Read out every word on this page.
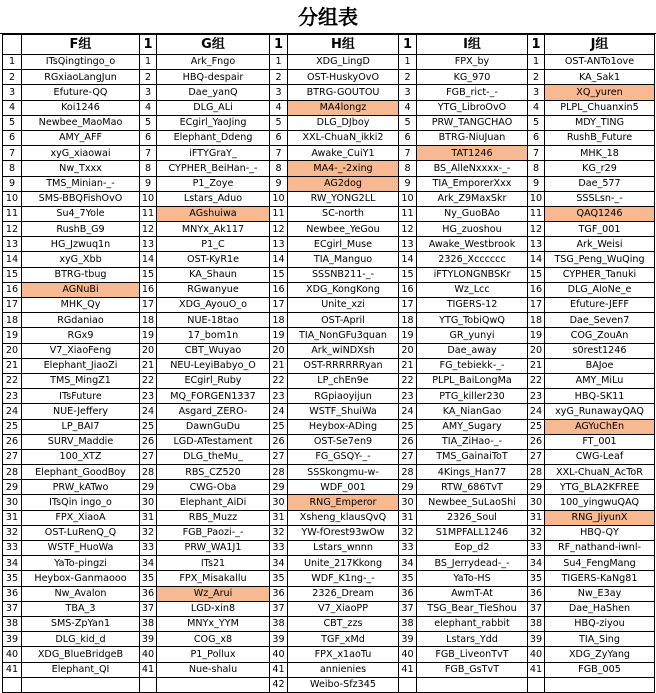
分组表
	F组	1	G组	1	H组	1	I组	1	J组
1	ITsQingtingo_o	1	Ark_Fngo	1	XDG_LingD	1	FPX_by	1	OST-ANTo1ove
2	RGxiaoLangJun	2	HBQ-despair	2	OST-HuskyOvO	2	KG_970	2	KA_Sak1
3	Efuture-QQ	3	Dae_yanQ	3	BTRG-GOUTOU	3	FGB_rict-_-	3	XQ_yuren
4	Koi1246	4	DLG_ALi	4	MA4longz	4	YTG_LibroOvO	4	PLPL_Chuanxin5
5	Newbee_MaoMao	5	ECgirl_YaoJing	5	DLG_DJboy	5	PRW_TANGCHAO	5	MDY_TING
6	AMY_AFF	6	Elephant_Ddeng	6	XXL-ChuaN_ikki2	6	BTRG-NiuJuan	6	RushB_Future
7	xyG_xiaowai	7	iFTYGraY_	7	Awake_CuiY1	7	TAT1246	7	MHK_18
8	Nw_Txxx	8	CYPHER_BeiHan-_-	8	MA4-_-2xing	8	BS_AlleNxxxx-_-	8	KG_r29
9	TMS_Minian-_-	9	P1_Zoye	9	AG2dog	9	TIA_EmporerXxx	9	Dae_577
10	SMS-BBQFishOvO	10	Lstars_Aduo	10	RW_YONG2LL	10	Ark_Z9MaxSkr	10	SSSLsn-_-
11	Su4_7Yole	11	AGshuiwa	11	SC-north	11	Ny_GuoBAo	11	QAQ1246
12	RushB_G9	12	MNYx_Ak117	12	Newbee_YeGou	12	HG_zuoshou	12	TGF_001
13	HG_Jzwuq1n	13	P1_C	13	ECgirl_Muse	13	Awake_Westbrook	13	Ark_Weisi
14	xyG_Xbb	14	OST-KyR1e	14	TIA_Manguo	14	2326_Xcccccc	14	TSG_Peng_WuQing
15	BTRG-tbug	15	KA_Shaun	15	SSSNB211-_-	15	iFTYLONGNBSKr	15	CYPHER_Tanuki
16	AGNuBi	16	RGwanyue	16	XDG_KongKong	16	Wz_Lcc	16	DLG_AloNe_e
17	MHK_Qy	17	XDG_AyouO_o	17	Unite_xzi	17	TIGERS-12	17	Efuture-JEFF
18	RGdaniao	18	NUE-18tao	18	OST-April	18	YTG_TobiQwQ	18	Dae_Seven7
19	RGx9	19	17_bom1n	19	TIA_NonGFu3quan	19	GR_yunyi	19	COG_ZouAn
20	V7_XiaoFeng	20	CBT_Wuyao	20	Ark_wiNDXsh	20	Dae_away	20	s0rest1246
21	Elephant_JiaoZi	21	NEU-LeyiBabyo_O	21	OST-RRRRRRyan	21	FG_tebiekk-_-	21	BAJoe
22	TMS_MingZ1	22	ECgirl_Ruby	22	LP_chEn9e	22	PLPL_BaiLongMa	22	AMY_MiLu
23	ITsFuture	23	MQ_FORGEN1337	23	RGpiaoyijun	23	PTG_killer230	23	HBQ-SK11
24	NUE-Jeffery	24	Asgard_ZERO-	24	WSTF_ShuiWa	24	KA_NianGao	24	xyG_RunawayQAQ
25	LP_BAI7	25	DawnGuDu	25	Heybox-ADing	25	AMY_Sugary	25	AGYuChEn
26	SURV_Maddie	26	LGD-ATestament	26	OST-Se7en9	26	TIA_ZiHao-_-	26	FT_001
27	100_XTZ	27	DLG_theMu_	27	FG_GSQY-_-	27	TMS_GainaiToT	27	CWG-Leaf
28	Elephant_GoodBoy	28	RBS_CZ520	28	SSSkongmu-w-	28	4Kings_Han77	28	XXL-ChuaN_AcToR
29	PRW_kATwo	29	CWG-Oba	29	WDF_001	29	RTW_686TvT	29	YTG_BLA2KFREE
30	ITsQin ingo_o	30	Elephant_AiDi	30	RNG_Emperor	30	Newbee_SuLaoShi	30	100_yingwuQAQ
31	FPX_XiaoA	31	RBS_Muzz	31	Xsheng_klausQvQ	31	2326_Soul	31	RNG_JiyunX
32	OST-LuRenQ_Q	32	FGB_Paozi-_-	32	YW-fOrest93wOw	32	S1MPFALL1246	32	HBQ-QY
33	WSTF_HuoWa	33	PRW_WA1J1	33	Lstars_wnnn	33	Eop_d2	33	RF_nathand-iwnl-
34	YaTo-pingzi	34	ITs21	34	Unite_217Kkong	34	BS_Jerrydead-_-	34	Su4_FengMang
35	Heybox-Ganmaooo	35	FPX_Misakallu	35	WDF_K1ng-_-	35	YaTo-HS	35	TIGERS-KaNg81
36	Nw_Avalon	36	Wz_Arui	36	2326_Dream	36	AwmT-At	36	Nw_E3ay
37	TBA_3	37	LGD-xin8	37	V7_XiaoPP	37	TSG_Bear_TieShou	37	Dae_HaShen
38	SMS-ZpYan1	38	MNYx_YYM	38	CBT_zzs	38	elephant_rabbit	38	HBQ-ziyou
39	DLG_kid_d	39	COG_x8	39	TGF_xMd	39	Lstars_Ydd	39	TIA_Sing
40	XDG_BlueBridgeB	40	P1_Pollux	40	FPX_x1aoTu	40	FGB_LiveonTvT	40	XDG_ZyYang
41	Elephant_QI	41	Nue-shalu	41	annienies	41	FGB_GsTvT	41	FGB_005
				42	Weibo-Sfz345				
